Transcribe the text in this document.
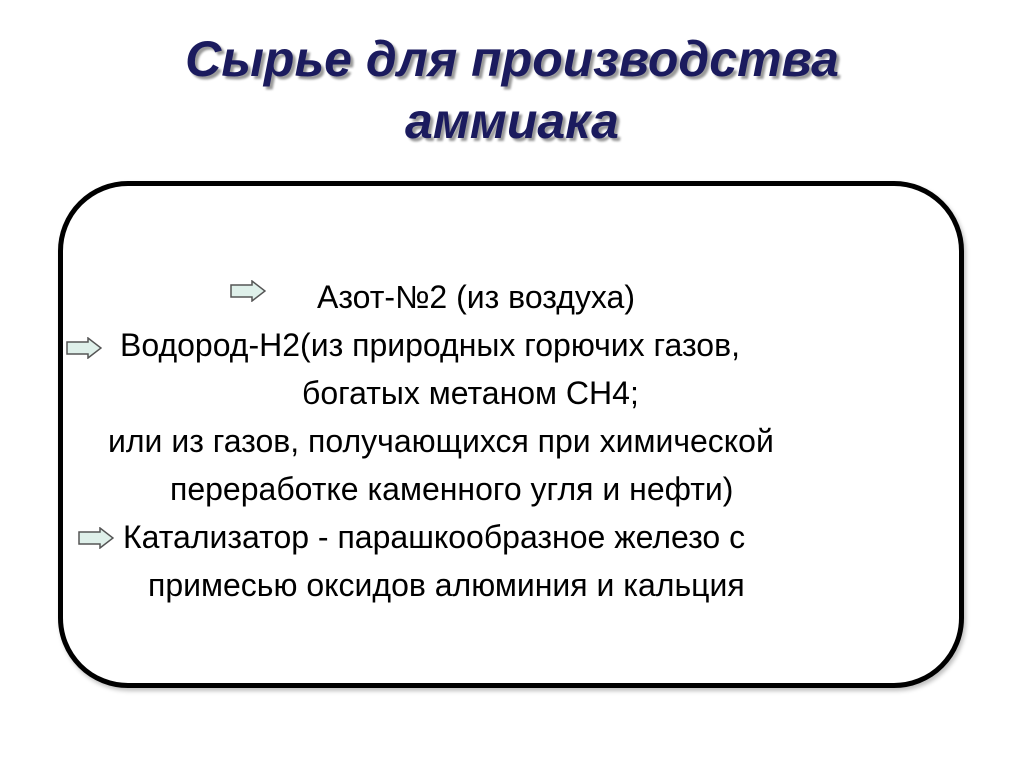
Сырье для производства
аммиака
Азот-№2 (из воздуха)
Водород-Н2(из природных горючих газов,
богатых метаном СН4;
или из газов, получающихся при химической
переработке каменного угля и нефти)
Катализатор - парашкообразное железо с
примесью оксидов алюминия и кальция
